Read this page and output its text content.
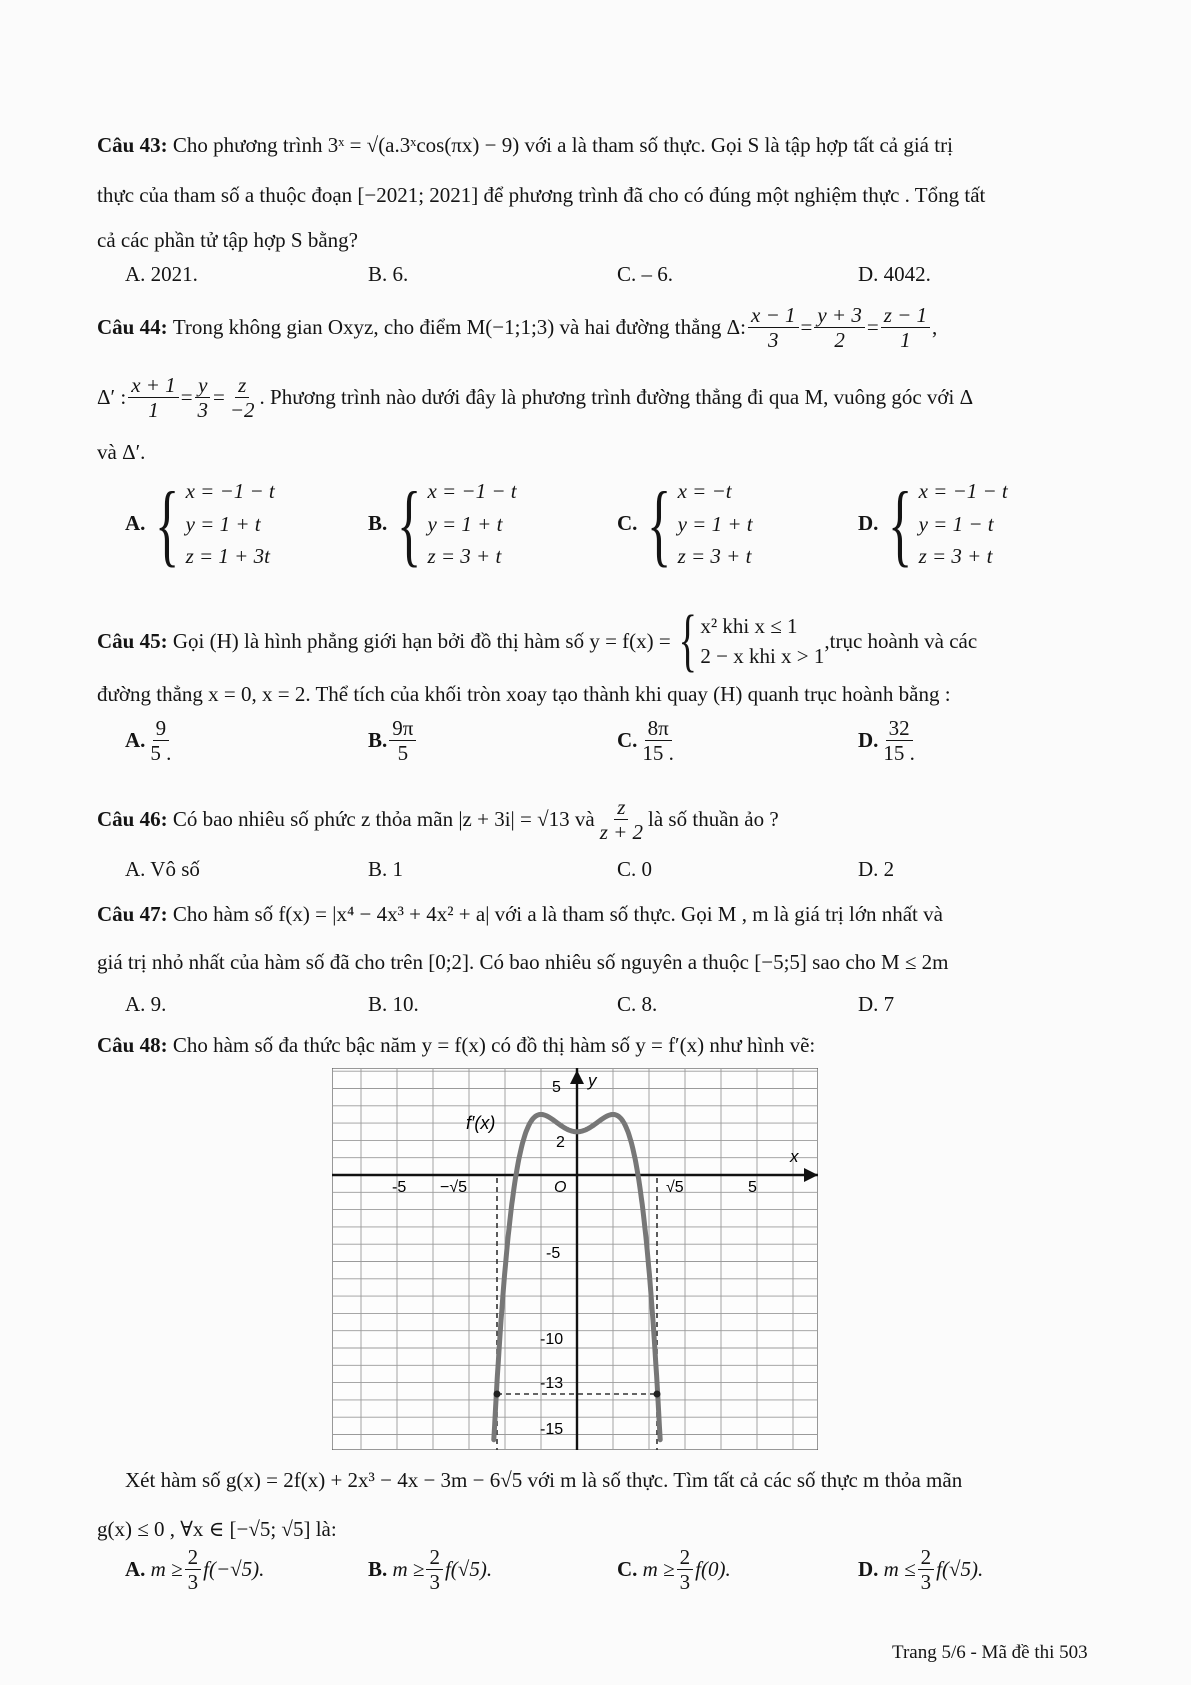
Câu 43: Cho phương trình 3ˣ = √(a.3ˣcos(πx) − 9) với a là tham số thực. Gọi S là tập hợp tất cả giá trị
thực của tham số a thuộc đoạn [−2021; 2021] để phương trình đã cho có đúng một nghiệm thực . Tổng tất
cả các phần tử tập hợp S bằng?
A. 2021.	B. 6.	C. – 6.	D. 4042.
Câu 44:
Trong không gian Oxyz, cho điểm M(−1;1;3) và hai đường thẳng Δ: $\frac{x - 1}{3} = \frac{y + 3}{2} = \frac{z - 1}{1}$ ,
Δ′ : $\frac{x + 1}{1} = \frac{y}{3} = \frac{z}{-2}$ . Phương trình nào dưới đây là phương trình đường thẳng đi qua M, vuông góc với Δ
và Δ′.
A. { x = −1 − t
y = 1 + t
z = 1 + 3t
B. { x = −1 − t
y = 1 + t
z = 3 + t
C. { x = −t
y = 1 + t
z = 3 + t
D. { x = −1 − t
y = 1 − t
z = 3 + t
Câu 45:
Gọi (H) là hình phẳng giới hạn bởi đồ thị hàm số y = f(x) = { x² khi x ≤ 1
2 − x khi x > 1
,trục hoành và các
đường thẳng x = 0, x = 2. Thể tích của khối tròn xoay tạo thành khi quay (H) quanh trục hoành bằng :
A. $\frac{9}{5 .}$	B. $\frac{9\pi}{5}$	C. $\frac{8\pi}{15 .}$	D. $\frac{32}{15 .}$
Câu 46:
Có bao nhiêu số phức z thỏa mãn |z + 3i| = √13 và $\frac{z}{z + 2}$ là số thuần ảo ?
A. Vô số	B. 1	C. 0	D. 2
Câu 47: Cho hàm số f(x) = |x⁴ − 4x³ + 4x² + a| với a là tham số thực. Gọi M , m là giá trị lớn nhất và
giá trị nhỏ nhất của hàm số đã cho trên [0;2]. Có bao nhiêu số nguyên a thuộc [−5;5] sao cho M ≤ 2m
A. 9.	B. 10.	C. 8.	D. 7
Câu 48: Cho hàm số đa thức bậc năm y = f(x) có đồ thị hàm số y = f′(x) như hình vẽ:
y
x
f′(x)
5
2
-5 −√5	O	√5	5
-5
-10
-13
-15
Xét hàm số g(x) = 2f(x) + 2x³ − 4x − 3m − 6√5 với m là số thực. Tìm tất cả các số thực m thỏa mãn
g(x) ≤ 0 , ∀x ∈ [−√5; √5] là:
A.
$m \ge \frac{2}{3} f(-√5)$.	B.
$m \ge \frac{2}{3} f(√5)$.	C.
$m \ge \frac{2}{3} f(0)$.	D.
$m \le \frac{2}{3} f(√5)$.
Trang 5/6 - Mã đề thi 503
